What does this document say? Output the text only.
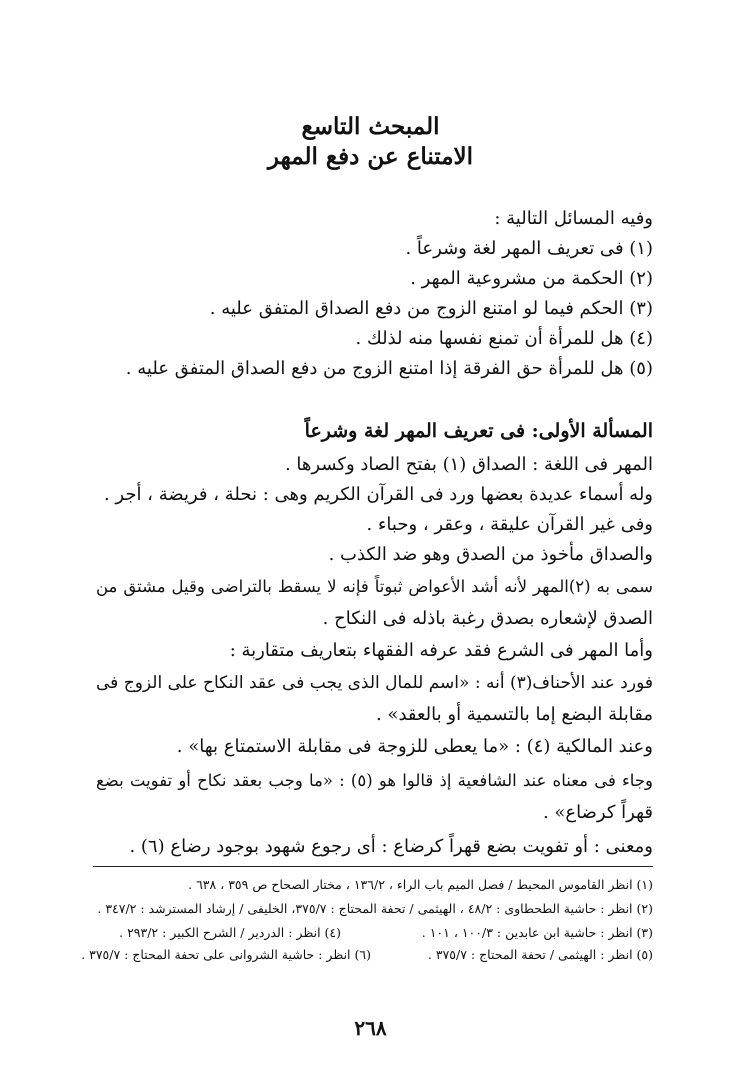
المبحث التاسع
الامتناع عن دفع المهر
وفيه المسائل التالية :
(١) فى تعريف المهر لغة وشرعاً .
(٢) الحكمة من مشروعية المهر .
(٣) الحكم فيما لو امتنع الزوج من دفع الصداق المتفق عليه .
(٤) هل للمرأة أن تمنع نفسها منه لذلك .
(٥) هل للمرأة حق الفرقة إذا امتنع الزوج من دفع الصداق المتفق عليه .
المسألة الأولى: فى تعريف المهر لغة وشرعاً
المهر فى اللغة : الصداق (١) بفتح الصاد وكسرها .
وله أسماء عديدة بعضها ورد فى القرآن الكريم وهى : نحلة ، فريضة ، أجر .
وفى غير القرآن عليقة ، وعقر ، وحباء .
والصداق مأخوذ من الصدق وهو ضد الكذب .
سمى به (٢)المهر لأنه أشد الأعواض ثبوتاً فإنه لا يسقط بالتراضى وقيل مشتق من
الصدق لإشعاره بصدق رغبة باذله فى النكاح .
وأما المهر فى الشرع فقد عرفه الفقهاء بتعاريف متقاربة :
فورد عند الأحناف(٣) أنه : «اسم للمال الذى يجب فى عقد النكاح على الزوج فى
مقابلة البضع إما بالتسمية أو بالعقد» .
وعند المالكية (٤) : «ما يعطى للزوجة فى مقابلة الاستمتاع بها» .
وجاء فى معناه عند الشافعية إذ قالوا هو (٥) : «ما وجب بعقد نكاح أو تفويت بضع
قهراً كرضاع» .
ومعنى : أو تفويت بضع قهراً كرضاع : أى رجوع شهود بوجود رضاع (٦) .
(١) انظر القاموس المحيط / فصل الميم باب الراء ، ١٣٦/٢ ، مختار الصحاح ص ٣٥٩ ، ٦٣٨ .
(٢) انظر : حاشية الطحطاوى : ٤٨/٢ ، الهيثمى / تحفة المحتاج : ٣٧٥/٧، الخليفى / إرشاد المسترشد : ٣٤٧/٢ .
(٣) انظر : حاشية ابن عابدين : ١٠٠/٣ ، ١٠١ .
(٤) انظر : الدردير / الشرح الكبير : ٢٩٣/٢ .
(٥) انظر : الهيثمى / تحفة المحتاج : ٣٧٥/٧ .
(٦) انظر : حاشية الشروانى على تحفة المحتاج : ٣٧٥/٧ .
٢٦٨
